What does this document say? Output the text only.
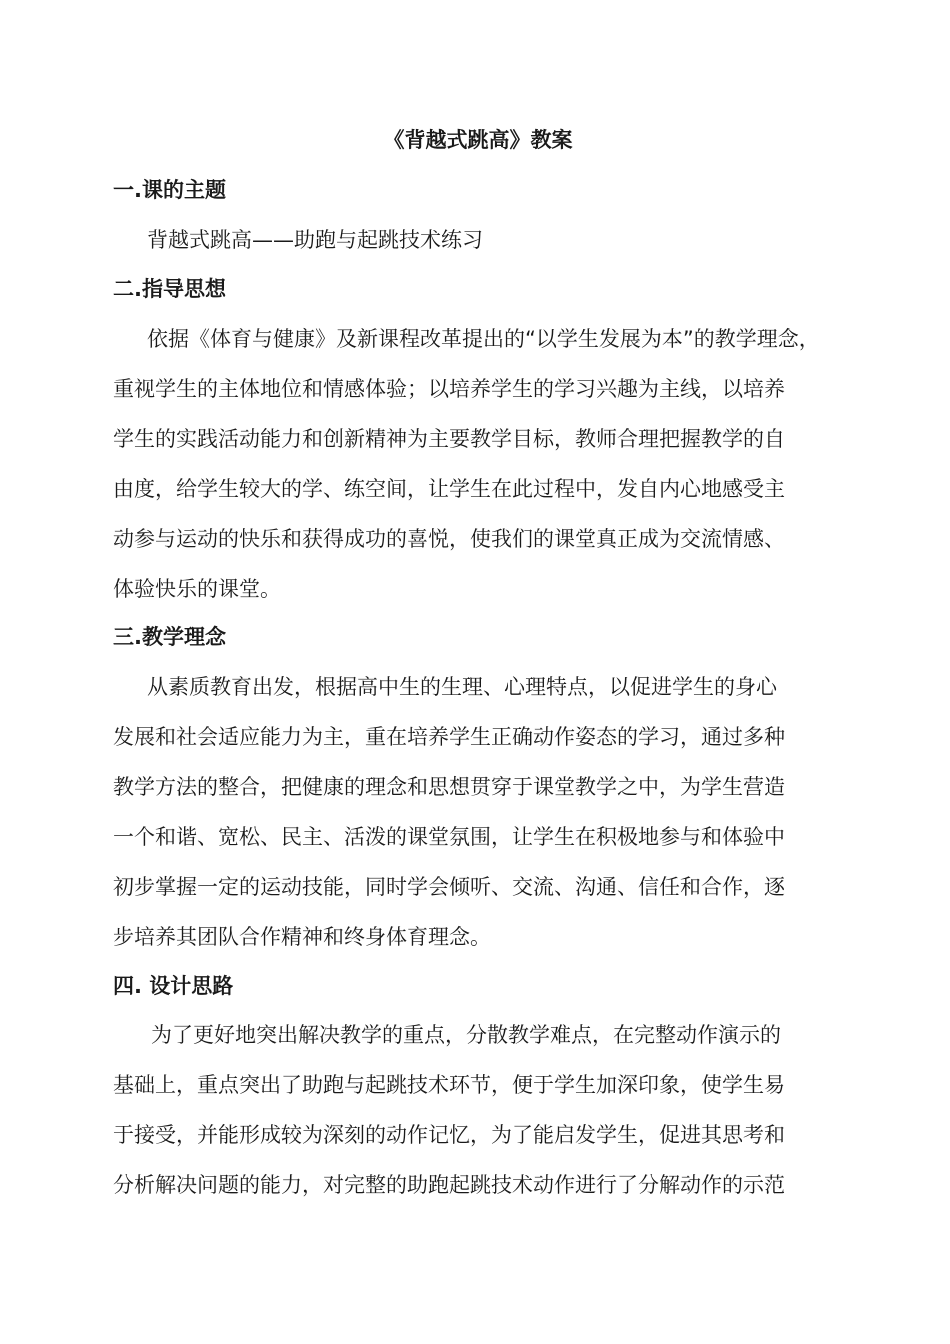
《背越式跳高》教案
一.课的主题
背越式跳高——助跑与起跳技术练习
二.指导思想
依据《体育与健康》及新课程改革提出的“以学生发展为本”的教学理念，
重视学生的主体地位和情感体验；以培养学生的学习兴趣为主线，以培养
学生的实践活动能力和创新精神为主要教学目标，教师合理把握教学的自
由度，给学生较大的学、练空间，让学生在此过程中，发自内心地感受主
动参与运动的快乐和获得成功的喜悦，使我们的课堂真正成为交流情感、
体验快乐的课堂。
三.教学理念
从素质教育出发，根据高中生的生理、心理特点，以促进学生的身心
发展和社会适应能力为主，重在培养学生正确动作姿态的学习，通过多种
教学方法的整合，把健康的理念和思想贯穿于课堂教学之中，为学生营造
一个和谐、宽松、民主、活泼的课堂氛围，让学生在积极地参与和体验中
初步掌握一定的运动技能，同时学会倾听、交流、沟通、信任和合作，逐
步培养其团队合作精神和终身体育理念。
四. 设计思路
为了更好地突出解决教学的重点，分散教学难点，在完整动作演示的
基础上，重点突出了助跑与起跳技术环节，便于学生加深印象，使学生易
于接受，并能形成较为深刻的动作记忆，为了能启发学生，促进其思考和
分析解决问题的能力，对完整的助跑起跳技术动作进行了分解动作的示范
